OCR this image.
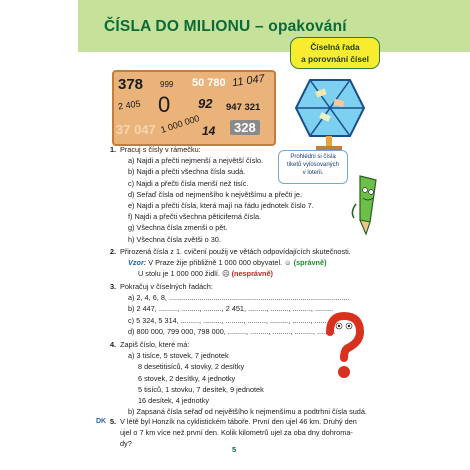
ČÍSLA DO MILIONU – opakování
Číselná řada
a porovnání čísel
378 999 50 780 11 047
2 405 0 92 947 321
37 047 1 000 000 14	328
Prohlédni si čísla
tiketů vylosovaných
v loterii.
1. Pracuj s čísly v rámečku:
a) Najdi a přečti nejmenší a největší číslo.
b) Najdi a přečti všechna čísla sudá.
c) Najdi a přečti čísla menší než tisíc.
d) Seřaď čísla od nejmenšího k největšímu a přečti je.
e) Najdi a přečti čísla, která mají na řádu jednotek číslo 7.
f) Najdi a přečti všechna pěticiferná čísla.
g) Všechna čísla zmenši o pět.
h) Všechna čísla zvětši o 30.
2. Přirozená čísla z 1. cvičení použij ve větách odpovídajících skutečnosti.
Vzor: V Praze žije přibližně 1 000 000 obyvatel. ☺ (správně)
U stolu je 1 000 000 židlí. ☹ (nesprávně)
3. Pokračuj v číselných řadách:
a) 2, 4, 6, 8, .........................................................................................
b) 2 447, ........., ........., ........., 2 451, ........., ........., ........., .........
c) 5 324, 5 314, ........., ........., ........., ........., ........., ........., .........
d) 800 000, 799 000, 798 000, ........., ........., ........., ........., .........
4. Zapiš číslo, které má:
a) 3 tisíce, 5 stovek, 7 jednotek
8 desetitisíců, 4 stovky, 2 desítky
6 stovek, 2 desítky, 4 jednotky
5 tisíců, 1 stovku, 7 desítek, 9 jednotek
16 desítek, 4 jednotky
b) Zapsaná čísla seřaď od největšího k nejmenšímu a podtrhni čísla sudá.
DK 5. V létě byl Honzík na cyklistickém táboře. První den ujel 46 km. Druhý den
ujel o 7 km více než první den. Kolik kilometrů ujel za oba dny dohroma-
dy?
5
